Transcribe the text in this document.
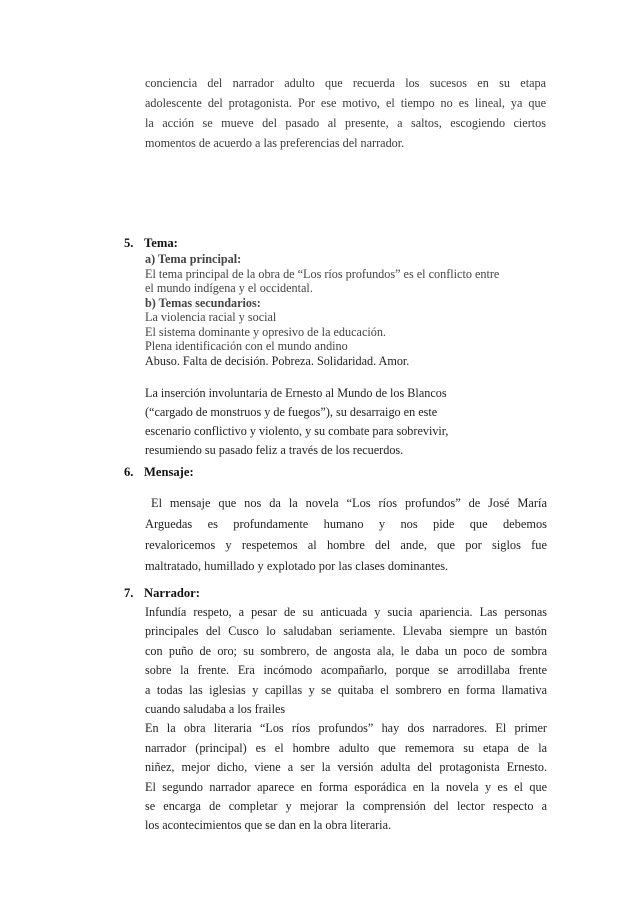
conciencia del narrador adulto que recuerda los sucesos en su etapa
adolescente del protagonista. Por ese motivo, el tiempo no es lineal, ya que
la acción se mueve del pasado al presente, a saltos, escogiendo ciertos
momentos de acuerdo a las preferencias del narrador.
5. Tema:

a) Tema principal:

El tema principal de la obra de “Los ríos profundos” es el conflicto entre

el mundo indígena y el occidental.

b) Temas secundarios:

La violencia racial y social

El sistema dominante y opresivo de la educación.

Plena identificación con el mundo andino

Abuso. Falta de decisión. Pobreza. Solidaridad. Amor.

La inserción involuntaria de Ernesto al Mundo de los Blancos

(“cargado de monstruos y de fuegos”), su desarraigo en este

escenario conflictivo y violento, y su combate para sobrevivir,

resumiendo su pasado feliz a través de los recuerdos.

6. Mensaje:
El mensaje que nos da la novela “Los ríos profundos” de José María
Arguedas es profundamente humano y nos pide que debemos
revaloricemos y respetemos al hombre del ande, que por siglos fue
maltratado, humillado y explotado por las clases dominantes.
7. Narrador:
Infundía respeto, a pesar de su anticuada y sucia apariencia. Las personas
principales del Cusco lo saludaban seriamente. Llevaba siempre un bastón
con puño de oro; su sombrero, de angosta ala, le daba un poco de sombra
sobre la frente. Era incómodo acompañarlo, porque se arrodillaba frente
a todas las iglesias y capillas y se quitaba el sombrero en forma llamativa
cuando saludaba a los frailes
En la obra literaria “Los ríos profundos” hay dos narradores. El primer
narrador (principal) es el hombre adulto que rememora su etapa de la
niñez, mejor dicho, viene a ser la versión adulta del protagonista Ernesto.
El segundo narrador aparece en forma esporádica en la novela y es el que
se encarga de completar y mejorar la comprensión del lector respecto a
los acontecimientos que se dan en la obra literaria.
